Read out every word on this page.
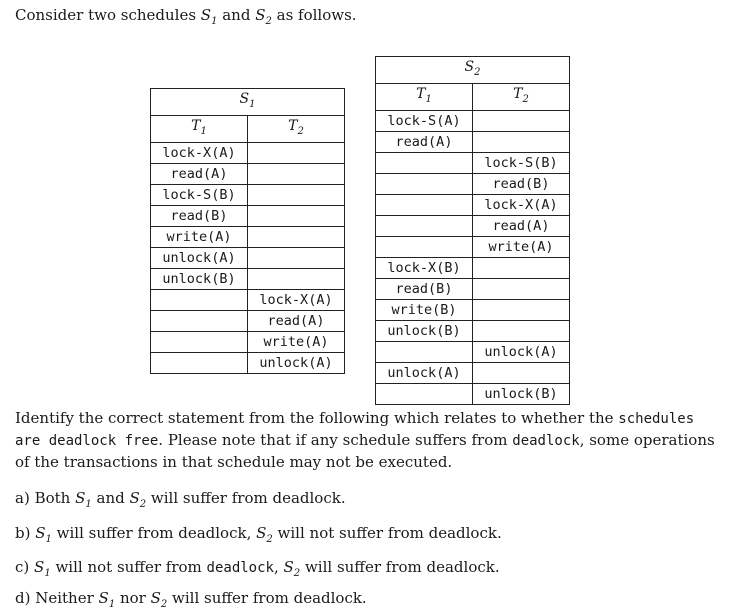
Consider two schedules $S_1$ and $S_2$ as follows.
$S_1$
$T_1$	$T_2$
lock-X(A)	
read(A)	
lock-S(B)	
read(B)	
write(A)	
unlock(A)	
unlock(B)	
	lock-X(A)
	read(A)
	write(A)
	unlock(A)
$S_2$
$T_1$	$T_2$
lock-S(A)	
read(A)	
	lock-S(B)
	read(B)
	lock-X(A)
	read(A)
	write(A)
lock-X(B)	
read(B)	
write(B)	
unlock(B)	
	unlock(A)
unlock(A)	
	unlock(B)
Identify the correct statement from the following which relates to whether the schedules are deadlock free. Please note that if any schedule suffers from deadlock, some operations of the transactions in that schedule may not be executed.
a) Both $S_1$ and $S_2$ will suffer from deadlock.
b) $S_1$ will suffer from deadlock, $S_2$ will not suffer from deadlock.
c) $S_1$ will not suffer from deadlock, $S_2$ will suffer from deadlock.
d) Neither $S_1$ nor $S_2$ will suffer from deadlock.
